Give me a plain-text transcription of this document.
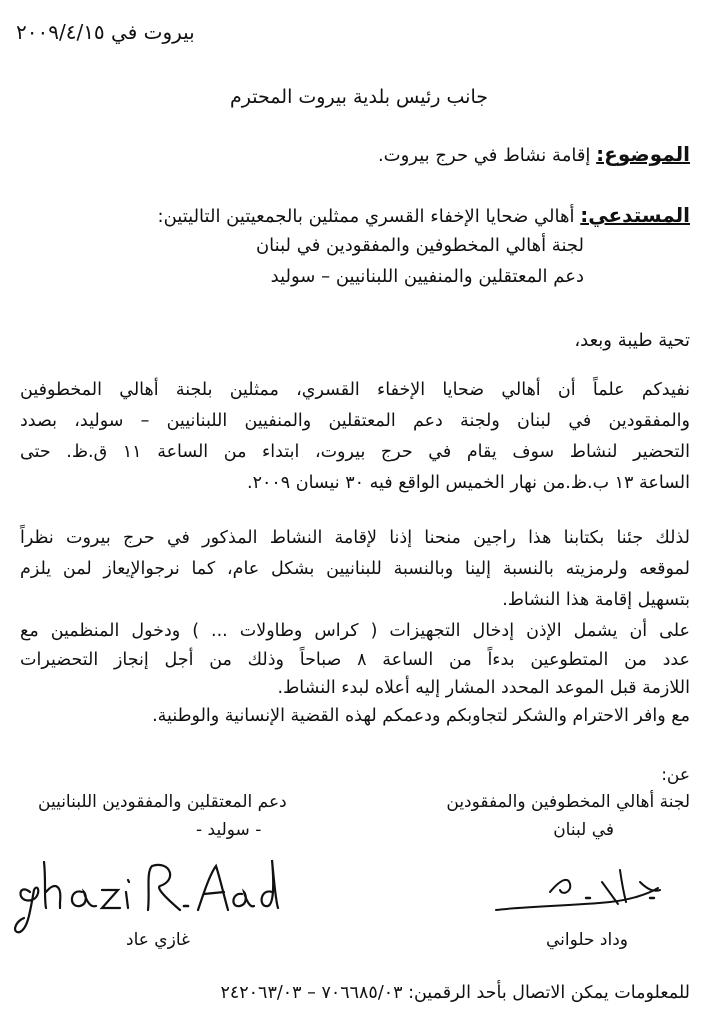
بيروت في ٢٠٠٩/٤/١٥
جانب رئيس بلدية بيروت المحترم
الموضوع: إقامة نشاط في حرج بيروت.
المستدعي: أهالي ضحايا الإخفاء القسري ممثلين بالجمعيتين التاليتين:
لجنة أهالي المخطوفين والمفقودين في لبنان
دعم المعتقلين والمنفيين اللبنانيين – سوليد
تحية طيبة وبعد،
نفيدكم علماً أن أهالي ضحايا الإخفاء القسري، ممثلين بلجنة أهالي المخطوفين
والمفقودين في لبنان ولجنة دعم المعتقلين والمنفيين اللبنانيين – سوليد، بصدد
التحضير لنشاط سوف يقام في حرج بيروت، ابتداء من الساعة ١١ ق.ظ. حتى
الساعة ١٣ ب.ظ.من نهار الخميس الواقع فيه ٣٠ نيسان ٢٠٠٩.
لذلك جئنا بكتابنا هذا راجين منحنا إذنا لإقامة النشاط المذكور في حرج بيروت نظراً
لموقعه ولرمزيته بالنسبة إلينا وبالنسبة للبنانيين بشكل عام، كما نرجوالإيعاز لمن يلزم
بتسهيل إقامة هذا النشاط.
على أن يشمل الإذن إدخال التجهيزات ( كراس وطاولات ... ) ودخول المنظمين مع
عدد من المتطوعين بدءاً من الساعة ٨ صباحاً وذلك من أجل إنجاز التحضيرات
اللازمة قبل الموعد المحدد المشار إليه أعلاه لبدء النشاط.
مع وافر الاحترام والشكر لتجاوبكم ودعمكم لهذه القضية الإنسانية والوطنية.
عن:
لجنة أهالي المخطوفين والمفقودين
في لبنان
دعم المعتقلين والمفقودين اللبنانيين
- سوليد -
وداد حلواني
غازي عاد
للمعلومات يمكن الاتصال بأحد الرقمين: ٧٠٦٦٨٥/٠٣ – ٢٤٢٠٦٣/٠٣
